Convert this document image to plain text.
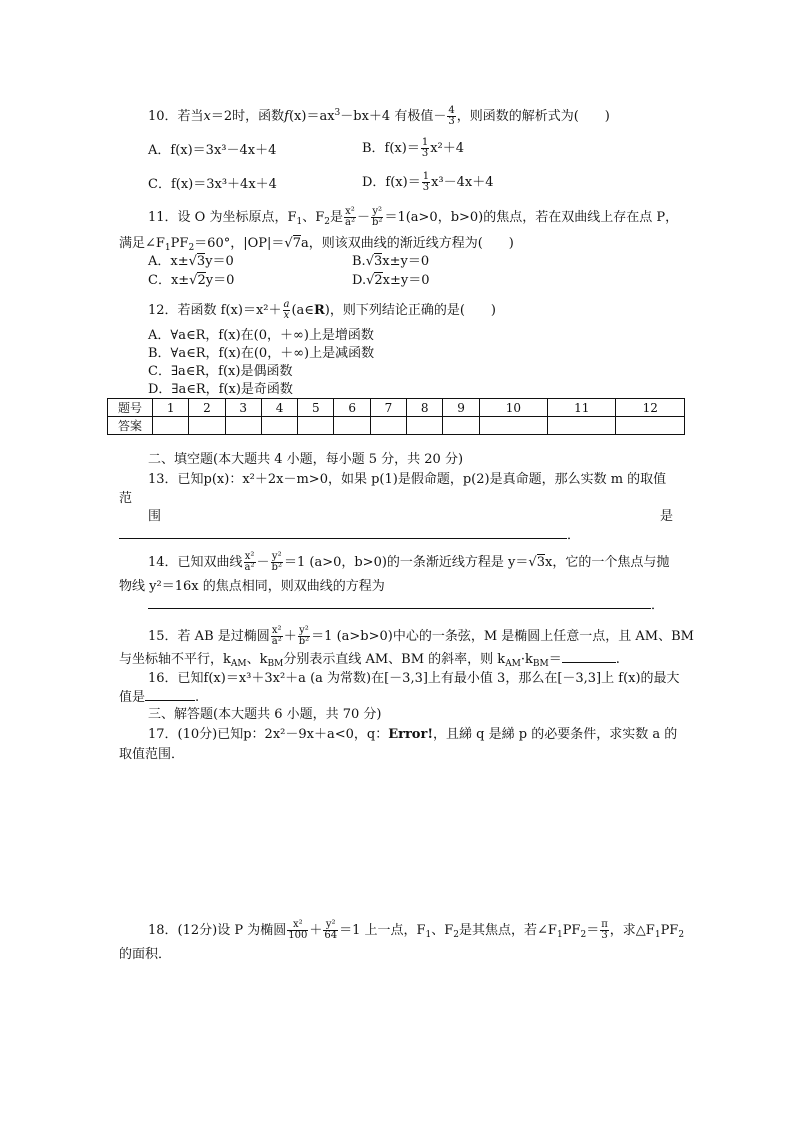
10．若当x＝2时，函数$f(x)=ax^3-bx+4$ 有极值－ $\frac{4}{3}$ ，则函数的解析式为(　　)
A．f(x)＝3x³－4x＋4	B．$f(x)= \frac{1}{3} x^2+4$
C．f(x)＝3x³＋4x＋4	D．$f(x)= \frac{1}{3} x^3-4x+4$
11．设 O 为坐标原点，$F_1$、$F_2$是 $\frac{\text{x²}}{\text{a²}} - \frac{\text{y²}}{\text{b²}} =1(a>0$，b>0)的焦点，若在双曲线上存在点 P，
满足$\angle F_1PF_2=60^\circ$，|OP|＝√7a，则该双曲线的渐近线方程为(　　)
A．x±√3y＝0	B.√3x±y＝0
C．x±√2y＝0	D.√2x±y＝0
12．若函数 $f(x)=x^2+ \frac{a}{x}$ (a∈R)，则下列结论正确的是(　　)
A．∀a∈R，f(x)在(0，＋∞)上是增函数
B．∀a∈R，f(x)在(0，＋∞)上是减函数
C．∃a∈R，f(x)是偶函数
D．∃a∈R，f(x)是奇函数
题号	1	2	3	4	5	6	7	8	9	10	11	12
答案												
二、填空题(本大题共 4 小题，每小题 5 分，共 20 分)
13．已知p(x)：x²＋2x－m>0，如果 p(1)是假命题，p(2)是真命题，那么实数 m 的取值
范
围	是
．
14．已知双曲线 $\frac{\text{x²}}{\text{a²}} - \frac{\text{y²}}{\text{b²}} =1$ (a>0，b>0)的一条渐近线方程是 y＝√3x，它的一个焦点与抛
物线 y²＝16x 的焦点相同，则双曲线的方程为
．
15．若 AB 是过椭圆 $\frac{\text{x²}}{\text{a²}} + \frac{\text{y²}}{\text{b²}} =1$ (a>b>0)中心的一条弦，M 是椭圆上任意一点，且 AM、BM
与坐标轴不平行，$k_{AM}$、$k_{BM}$分别表示直线 AM、BM 的斜率，则 $k_{AM}\cdot k_{BM}=$	.
16．已知f(x)＝x³＋3x²＋a (a 为常数)在[－3,3]上有最小值 3，那么在[－3,3]上 f(x)的最大
值是	.
三、解答题(本大题共 6 小题，共 70 分)
17．(10分)已知p：2x²－9x＋a<0，q：Error!，且綈 q 是綈 p 的必要条件，求实数 a 的
取值范围．
18．(12分)设 P 为椭圆 $\frac{\text{x²}}{100} + \frac{\text{y²}}{64} =1$ 上一点，$F_1$、$F_2$是其焦点，若$\angle F_1PF_2= \frac{\pi}{3}$ ，求$\triangle F_1PF_2$
的面积．
